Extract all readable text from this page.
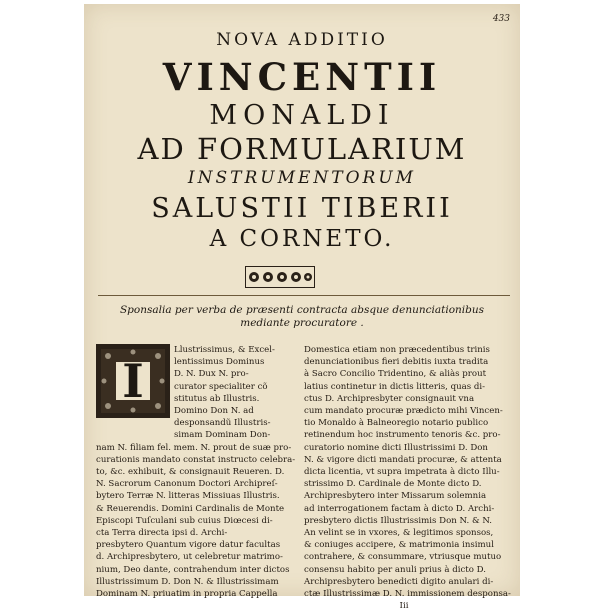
433
NOVA ADDITIO
VINCENTII
MONALDI
AD FORMULARIUM
INSTRUMENTORUM
SALUSTII TIBERII
A CORNETO.
Sponsalia per verba de præsenti contracta absque denunciationibus
mediante procuratore .
I
Llustrissimus, & Excel-
lentissimus Dominus
D. N. Dux N. pro-
curator specialiter cõ
stitutus ab Illustris.
Domino Don N. ad
desponsandũ Illustris-
simam Dominam Don-
nam N. filiam fel. mem. N. prout de suæ pro-
curationis mandato constat instructo celebra-
to, &c. exhibuit, & consignauit Reueren. D.
N. Sacrorum Canonum Doctori Archipreſ-
bytero Terræ N. litteras Missiuas Illustris.
& Reuerendis. Domini Cardinalis de Monte
Episcopi Tuſculani sub cuius Diœcesi di-
cta Terra directa ipsi d. Archi-
presbytero Quantum vigore datur facultas
d. Archipresbytero, ut celebretur matrimo-
nium, Deo dante, contrahendum inter dictos
Illustrissimum D. Don N. & Illustrissimam
Dominam N. priuatim in propria Cappella
Domestica etiam non præcedentibus trinis
denunciationibus fieri debitis iuxta tradita
à Sacro Concilio Tridentino, & aliàs prout
latius continetur in dictis litteris, quas di-
ctus D. Archipresbyter consignauit vna
cum mandato procuræ prædicto mihi Vincen-
tio Monaldo à Balneoregio notario publico
retinendum hoc instrumento tenoris &c. pro-
curatorio nomine dicti Illustrissimi D. Don
N. & vigore dicti mandati procuræ, & attenta
dicta licentia, vt supra impetrata à dicto Illu-
strissimo D. Cardinale de Monte dicto D.
Archipresbytero inter Missarum solemnia
ad interrogationem factam à dicto D. Archi-
presbytero dictis Illustrissimis Don N. & N.
An velint se in vxores, & legitimos sponsos,
& coniuges accipere, & matrimonia insimul
contrahere, & consummare, vtriusque mutuo
consensu habito per anuli prius à dicto D.
Archipresbytero benedicti digito anulari di-
ctæ Illustrissimæ D. N. immissionem desponsa-
Iii
